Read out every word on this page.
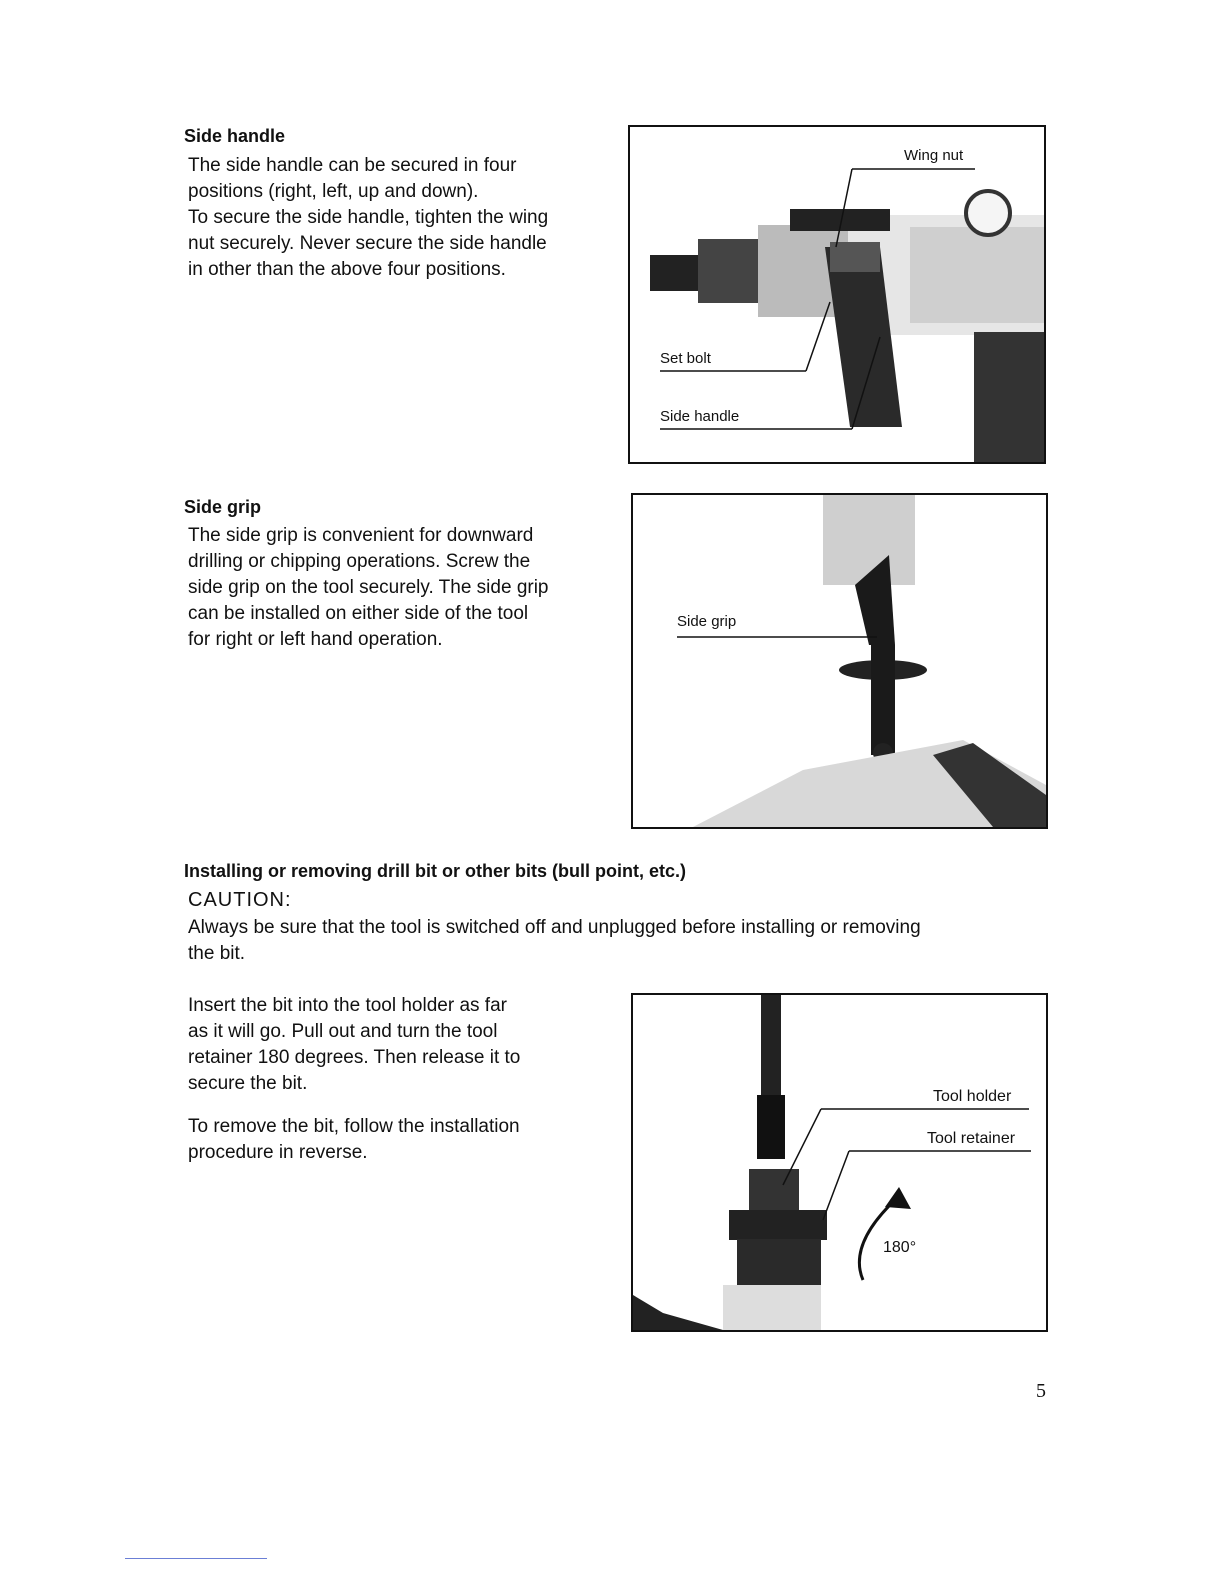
Side handle
The side handle can be secured in four
positions (right, left, up and down).
To secure the side handle, tighten the wing
nut securely. Never secure the side handle
in other than the above four positions.
Wing nut
Set bolt
Side handle
Side grip
The side grip is convenient for downward
drilling or chipping operations. Screw the
side grip on the tool securely. The side grip
can be installed on either side of the tool
for right or left hand operation.
Side grip
Installing or removing drill bit or other bits (bull point, etc.)

CAUTION:

Always be sure that the tool is switched off and unplugged before installing or removing
the bit.
Insert the bit into the tool holder as far
as it will go. Pull out and turn the tool
retainer 180 degrees. Then release it to
secure the bit.
To remove the bit, follow the installation
procedure in reverse.
Tool holder
Tool retainer
180°
5
